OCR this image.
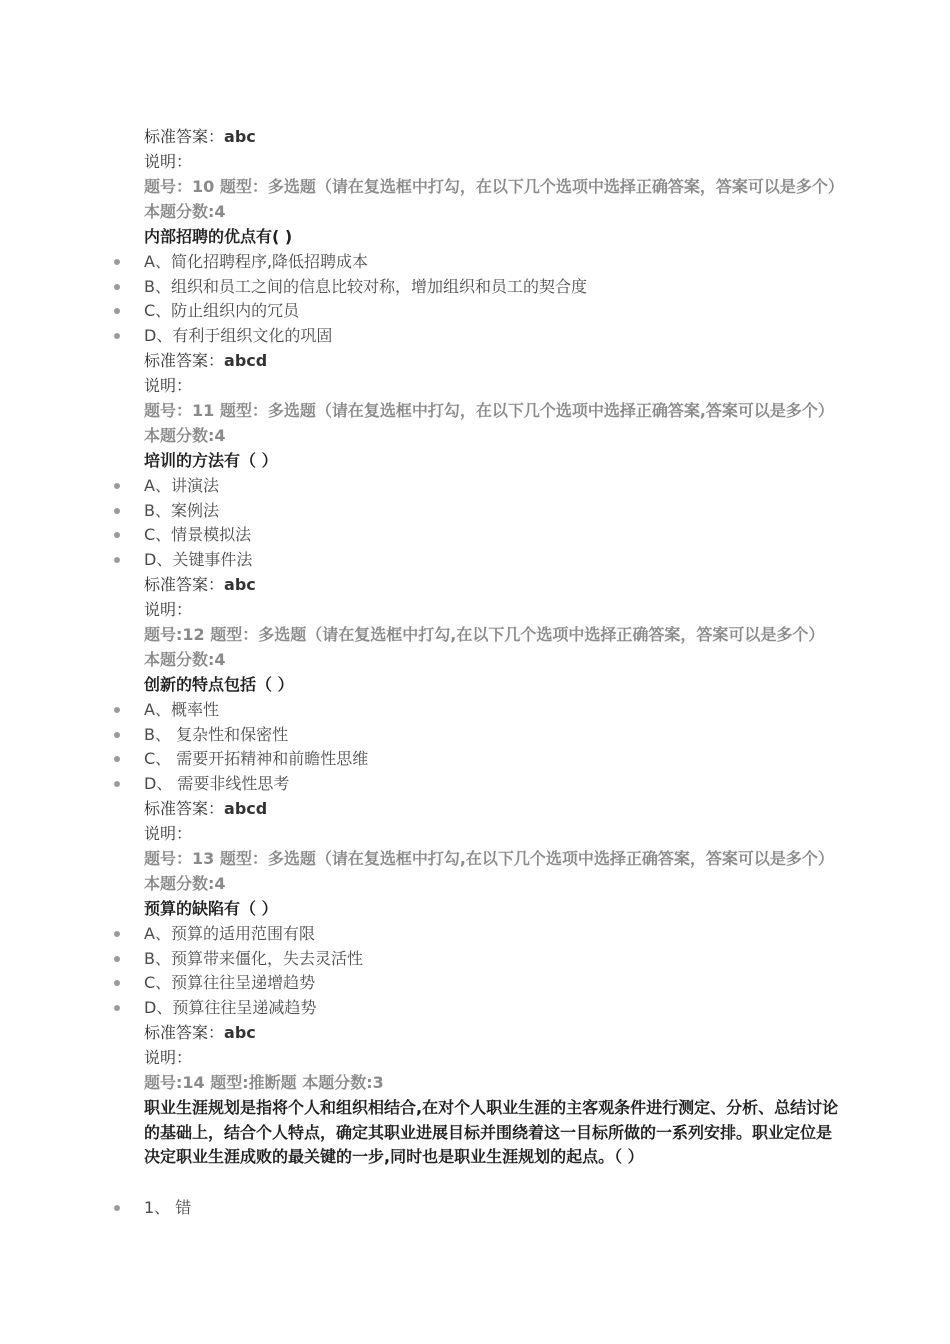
标准答案：abc
说明：
题号：10 题型：多选题（请在复选框中打勾，在以下几个选项中选择正确答案，答案可以是多个）本题分数:4
内部招聘的优点有( )
A、简化招聘程序,降低招聘成本
B、组织和员工之间的信息比较对称，增加组织和员工的契合度
C、防止组织内的冗员
D、有利于组织文化的巩固
标准答案：abcd
说明：
题号：11 题型：多选题（请在复选框中打勾，在以下几个选项中选择正确答案,答案可以是多个） 本题分数:4
培训的方法有（ ）
A、讲演法
B、案例法
C、情景模拟法
D、关键事件法
标准答案：abc
说明：
题号:12 题型：多选题（请在复选框中打勾,在以下几个选项中选择正确答案，答案可以是多个） 本题分数:4
创新的特点包括（ ）
A、概率性
B、 复杂性和保密性
C、 需要开拓精神和前瞻性思维
D、 需要非线性思考
标准答案：abcd
说明：
题号：13 题型：多选题（请在复选框中打勾,在以下几个选项中选择正确答案，答案可以是多个）本题分数:4
预算的缺陷有（ ）
A、预算的适用范围有限
B、预算带来僵化，失去灵活性
C、预算往往呈递增趋势
D、预算往往呈递减趋势
标准答案：abc
说明：
题号:14 题型:推断题 本题分数:3
职业生涯规划是指将个人和组织相结合,在对个人职业生涯的主客观条件进行测定、分析、总结讨论的基础上，结合个人特点，确定其职业进展目标并围绕着这一目标所做的一系列安排。职业定位是决定职业生涯成败的最关键的一步,同时也是职业生涯规划的起点。（ ）
1、 错
